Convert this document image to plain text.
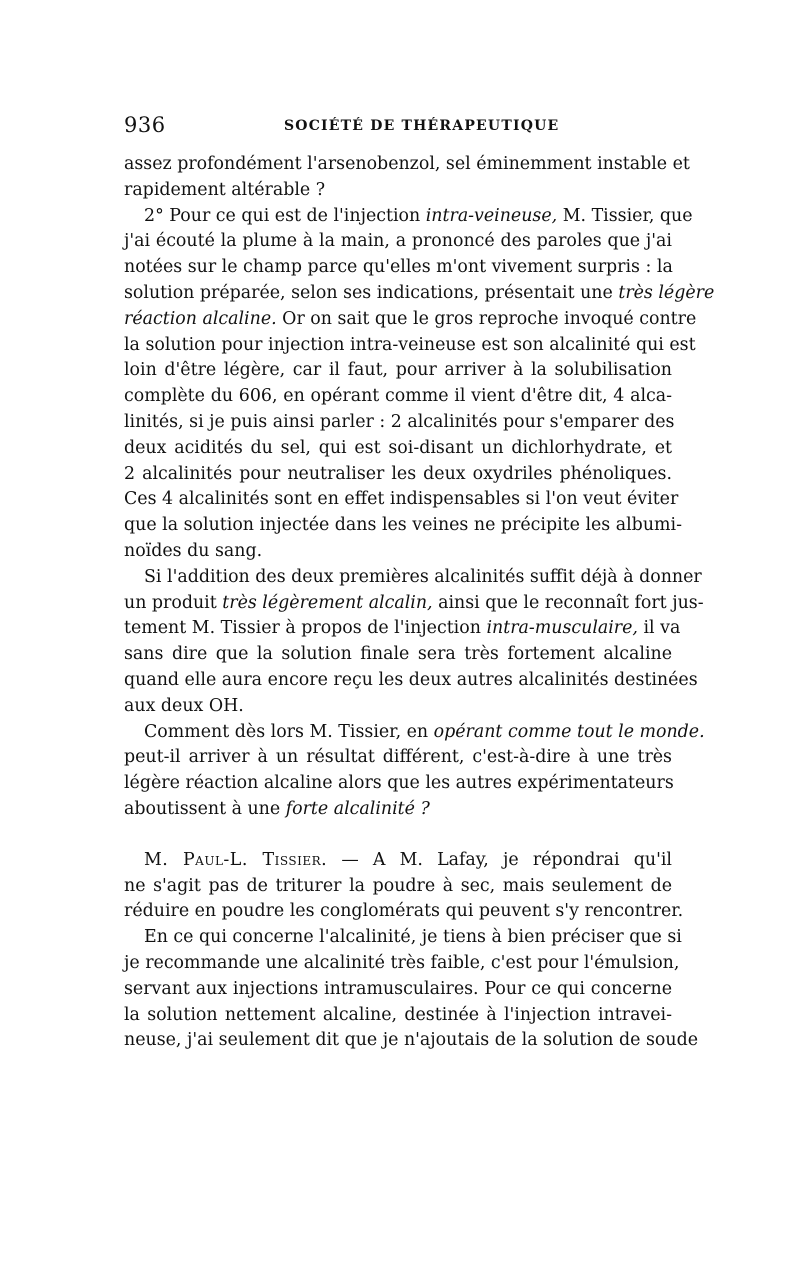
936	SOCIÉTÉ DE THÉRAPEUTIQUE
assez profondément l'arsenobenzol, sel éminemment instable et
rapidement altérable ?
2° Pour ce qui est de l'injection intra-veineuse, M. Tissier, que
j'ai écouté la plume à la main, a prononcé des paroles que j'ai
notées sur le champ parce qu'elles m'ont vivement surpris : la
solution préparée, selon ses indications, présentait une très légère
réaction alcaline. Or on sait que le gros reproche invoqué contre
la solution pour injection intra-veineuse est son alcalinité qui est
loin d'être légère, car il faut, pour arriver à la solubilisation
complète du 606, en opérant comme il vient d'être dit, 4 alca-
linités, si je puis ainsi parler : 2 alcalinités pour s'emparer des
deux acidités du sel, qui est soi-disant un dichlorhydrate, et
2 alcalinités pour neutraliser les deux oxydriles phénoliques.
Ces 4 alcalinités sont en effet indispensables si l'on veut éviter
que la solution injectée dans les veines ne précipite les albumi-
noïdes du sang.
Si l'addition des deux premières alcalinités suffit déjà à donner
un produit très légèrement alcalin, ainsi que le reconnaît fort jus-
tement M. Tissier à propos de l'injection intra-musculaire, il va
sans dire que la solution finale sera très fortement alcaline
quand elle aura encore reçu les deux autres alcalinités destinées
aux deux OH.
Comment dès lors M. Tissier, en opérant comme tout le monde.
peut-il arriver à un résultat différent, c'est-à-dire à une très
légère réaction alcaline alors que les autres expérimentateurs
aboutissent à une forte alcalinité ?
M. Paul-L. Tissier. — A M. Lafay, je répondrai qu'il
ne s'agit pas de triturer la poudre à sec, mais seulement de
réduire en poudre les conglomérats qui peuvent s'y rencontrer.
En ce qui concerne l'alcalinité, je tiens à bien préciser que si
je recommande une alcalinité très faible, c'est pour l'émulsion,
servant aux injections intramusculaires. Pour ce qui concerne
la solution nettement alcaline, destinée à l'injection intravei-
neuse, j'ai seulement dit que je n'ajoutais de la solution de soude
